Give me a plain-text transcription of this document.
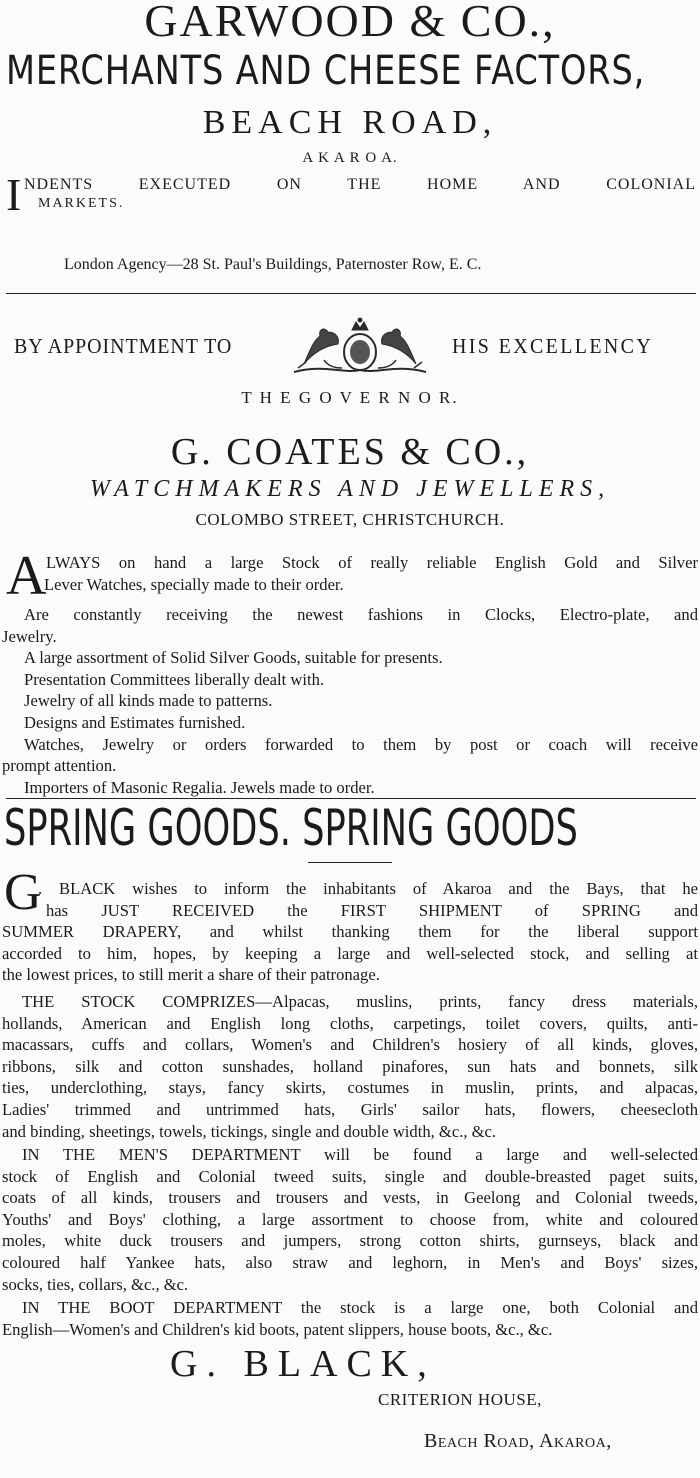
GARWOOD & CO.,
MERCHANTS AND CHEESE FACTORS,
BEACH ROAD,
A K A R O A.
I NDENTS EXECUTED ON THE HOME AND COLONIAL
MARKETS.
London Agency—28 St. Paul's Buildings, Paternoster Row, E. C.
BY APPOINTMENT TO	HIS EXCELLENCY
T H E G O V E R N O R.
G. COATES & CO.,
WATCHMAKERS AND JEWELLERS,
COLOMBO STREET, CHRISTCHURCH.
A LWAYS on hand a large Stock of really reliable English Gold and Silver
Lever Watches, specially made to their order.
Are constantly receiving the newest fashions in Clocks, Electro-plate, and
Jewelry.
A large assortment of Solid Silver Goods, suitable for presents.
Presentation Committees liberally dealt with.
Jewelry of all kinds made to patterns.
Designs and Estimates furnished.
Watches, Jewelry or orders forwarded to them by post or coach will receive
prompt attention.
Importers of Masonic Regalia. Jewels made to order.
SPRING GOODS. SPRING GOODS
G
. BLACK wishes to inform the inhabitants of Akaroa and the Bays, that he
has JUST RECEIVED the FIRST SHIPMENT of SPRING and
SUMMER DRAPERY, and whilst thanking them for the liberal support
accorded to him, hopes, by keeping a large and well-selected stock, and selling at
the lowest prices, to still merit a share of their patronage.
THE STOCK COMPRIZES—Alpacas, muslins, prints, fancy dress materials,
hollands, American and English long cloths, carpetings, toilet covers, quilts, anti-
macassars, cuffs and collars, Women's and Children's hosiery of all kinds, gloves,
ribbons, silk and cotton sunshades, holland pinafores, sun hats and bonnets, silk
ties, underclothing, stays, fancy skirts, costumes in muslin, prints, and alpacas,
Ladies' trimmed and untrimmed hats, Girls' sailor hats, flowers, cheesecloth
and binding, sheetings, towels, tickings, single and double width, &c., &c.
IN THE MEN'S DEPARTMENT will be found a large and well-selected
stock of English and Colonial tweed suits, single and double-breasted paget suits,
coats of all kinds, trousers and trousers and vests, in Geelong and Colonial tweeds,
Youths' and Boys' clothing, a large assortment to choose from, white and coloured
moles, white duck trousers and jumpers, strong cotton shirts, gurnseys, black and
coloured half Yankee hats, also straw and leghorn, in Men's and Boys' sizes,
socks, ties, collars, &c., &c.
IN THE BOOT DEPARTMENT the stock is a large one, both Colonial and
English—Women's and Children's kid boots, patent slippers, house boots, &c., &c.
G. BLACK,
CRITERION HOUSE,
Beach Road, Akaroa,
